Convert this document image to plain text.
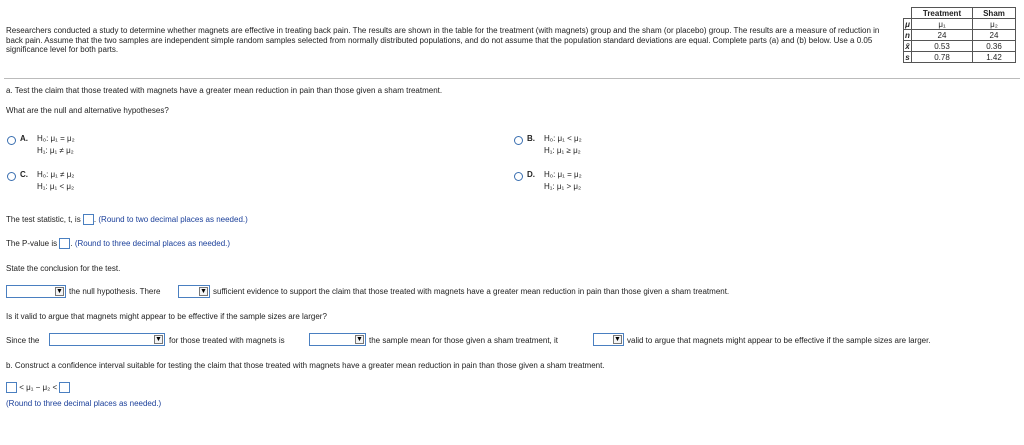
Researchers conducted a study to determine whether magnets are effective in treating back pain. The results are shown in the table for the treatment (with magnets) group and the sham (or placebo) group. The results are a measure of reduction in back pain. Assume that the two samples are independent simple random samples selected from normally distributed populations, and do not assume that the population standard deviations are equal. Complete parts (a) and (b) below. Use a 0.05 significance level for both parts.
	Treatment	Sham
μ	μ₁	μ₂
n	24	24
x̄	0.53	0.36
s	0.78	1.42
a. Test the claim that those treated with magnets have a greater mean reduction in pain than those given a sham treatment.
What are the null and alternative hypotheses?
A. H₀: μ₁ = μ₂
H₁: μ₁ ≠ μ₂
B. H₀: μ₁ < μ₂
H₁: μ₁ ≥ μ₂
C. H₀: μ₁ ≠ μ₂
H₁: μ₁ < μ₂
D. H₀: μ₁ = μ₂
H₁: μ₁ > μ₂
The test statistic, t, is . (Round to two decimal places as needed.)
The P-value is . (Round to three decimal places as needed.)
State the conclusion for the test.
▼ the null hypothesis. There	▼ sufficient evidence to support the claim that those treated with magnets have a greater mean reduction in pain than those given a sham treatment.
Is it valid to argue that magnets might appear to be effective if the sample sizes are larger?
Since the	▼ for those treated with magnets is	▼ the sample mean for those given a sham treatment, it	▼ valid to argue that magnets might appear to be effective if the sample sizes are larger.
b. Construct a confidence interval suitable for testing the claim that those treated with magnets have a greater mean reduction in pain than those given a sham treatment.
< μ₁ − μ₂ <
(Round to three decimal places as needed.)
